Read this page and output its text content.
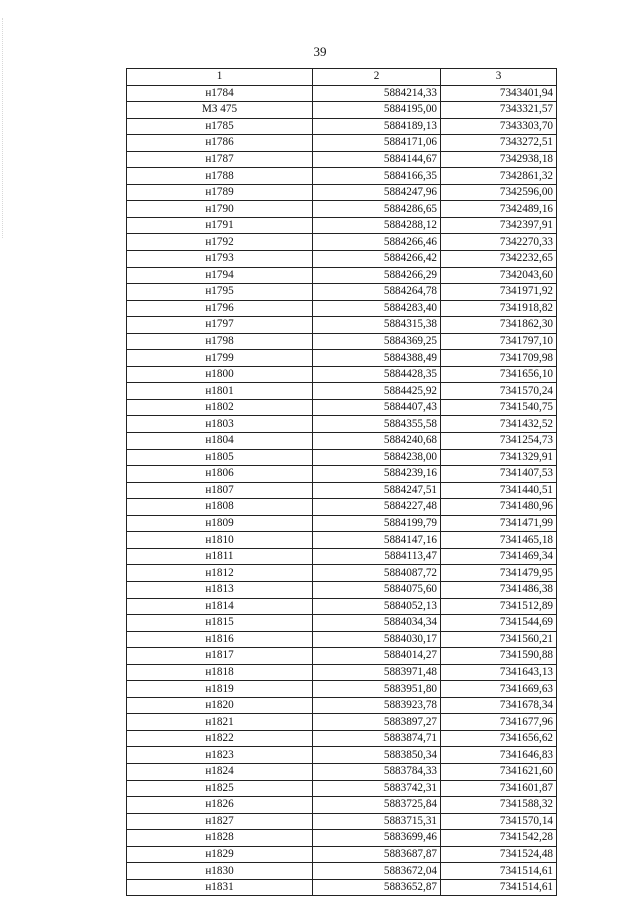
39
1	2	3
н1784	5884214,33	7343401,94
МЗ 475	5884195,00	7343321,57
н1785	5884189,13	7343303,70
н1786	5884171,06	7343272,51
н1787	5884144,67	7342938,18
н1788	5884166,35	7342861,32
н1789	5884247,96	7342596,00
н1790	5884286,65	7342489,16
н1791	5884288,12	7342397,91
н1792	5884266,46	7342270,33
н1793	5884266,42	7342232,65
н1794	5884266,29	7342043,60
н1795	5884264,78	7341971,92
н1796	5884283,40	7341918,82
н1797	5884315,38	7341862,30
н1798	5884369,25	7341797,10
н1799	5884388,49	7341709,98
н1800	5884428,35	7341656,10
н1801	5884425,92	7341570,24
н1802	5884407,43	7341540,75
н1803	5884355,58	7341432,52
н1804	5884240,68	7341254,73
н1805	5884238,00	7341329,91
н1806	5884239,16	7341407,53
н1807	5884247,51	7341440,51
н1808	5884227,48	7341480,96
н1809	5884199,79	7341471,99
н1810	5884147,16	7341465,18
н1811	5884113,47	7341469,34
н1812	5884087,72	7341479,95
н1813	5884075,60	7341486,38
н1814	5884052,13	7341512,89
н1815	5884034,34	7341544,69
н1816	5884030,17	7341560,21
н1817	5884014,27	7341590,88
н1818	5883971,48	7341643,13
н1819	5883951,80	7341669,63
н1820	5883923,78	7341678,34
н1821	5883897,27	7341677,96
н1822	5883874,71	7341656,62
н1823	5883850,34	7341646,83
н1824	5883784,33	7341621,60
н1825	5883742,31	7341601,87
н1826	5883725,84	7341588,32
н1827	5883715,31	7341570,14
н1828	5883699,46	7341542,28
н1829	5883687,87	7341524,48
н1830	5883672,04	7341514,61
н1831	5883652,87	7341514,61
